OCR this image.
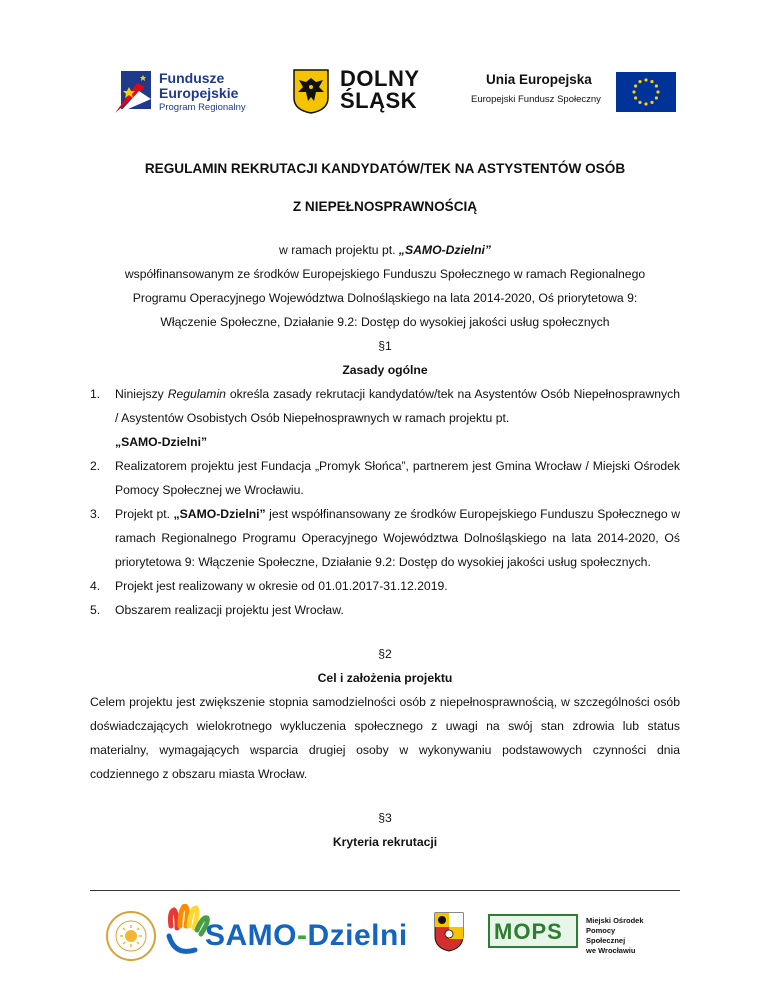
Fundusze
Europejskie
Program Regionalny
DOLNY
ŚLĄSK
Unia Europejska
Europejski Fundusz Społeczny

REGULAMIN REKRUTACJI KANDYDATÓW/TEK NA ASTYSTENTÓW OSÓB

Z NIEPEŁNOSPRAWNOŚCIĄ

w ramach projektu pt. „SAMO-Dzielni”

współfinansowanym ze środków Europejskiego Funduszu Społecznego w ramach Regionalnego

Programu Operacyjnego Województwa Dolnośląskiego na lata 2014-2020, Oś priorytetowa 9:

Włączenie Społeczne, Działanie 9.2: Dostęp do wysokiej jakości usług społecznych

§1

Zasady ogólne

1. Niniejszy Regulamin określa zasady rekrutacji kandydatów/tek na Asystentów Osób Niepełnosprawnych / Asystentów Osobistych Osób Niepełnosprawnych w ramach projektu pt.
„SAMO-Dzielni”
2. Realizatorem projektu jest Fundacja „Promyk Słońca”, partnerem jest Gmina Wrocław / Miejski Ośrodek Pomocy Społecznej we Wrocławiu.
3. Projekt pt. „SAMO-Dzielni” jest współfinansowany ze środków Europejskiego Funduszu Społecznego w ramach Regionalnego Programu Operacyjnego Województwa Dolnośląskiego na lata 2014-2020, Oś priorytetowa 9: Włączenie Społeczne, Działanie 9.2: Dostęp do wysokiej jakości usług społecznych.
4. Projekt jest realizowany w okresie od 01.01.2017-31.12.2019.
5. Obszarem realizacji projektu jest Wrocław.

§2

Cel i założenia projektu

Celem projektu jest zwiększenie stopnia samodzielności osób z niepełnosprawnością, w szczególności osób doświadczających wielokrotnego wykluczenia społecznego z uwagi na swój stan zdrowia lub status materialny, wymagających wsparcia drugiej osoby w wykonywaniu podstawowych czynności dnia codziennego z obszaru miasta Wrocław.

§3

Kryteria rekrutacji

SAMO-Dzielni	MOPS	Miejski Ośrodek
Pomocy Społecznej
we Wrocławiu
